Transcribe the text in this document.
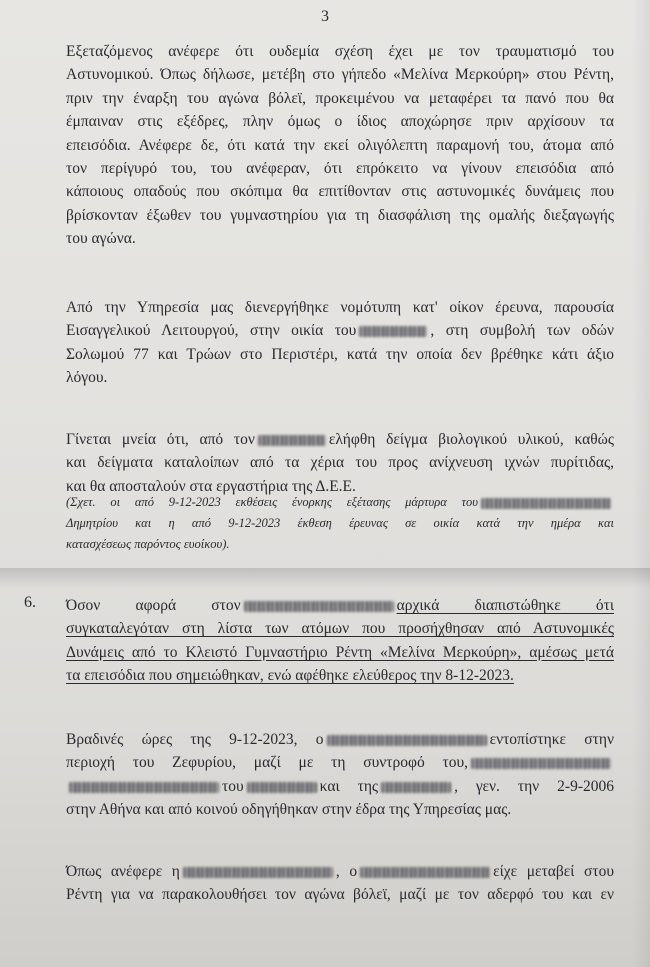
3
Εξεταζόμενος ανέφερε ότι ουδεμία σχέση έχει με τον τραυματισμό του
Αστυνομικού. Όπως δήλωσε, μετέβη στο γήπεδο «Μελίνα Μερκούρη» στου Ρέντη,
πριν την έναρξη του αγώνα βόλεϊ, προκειμένου να μεταφέρει τα πανό που θα
έμπαιναν στις εξέδρες, πλην όμως ο ίδιος αποχώρησε πριν αρχίσουν τα
επεισόδια. Ανέφερε δε, ότι κατά την εκεί ολιγόλεπτη παραμονή του, άτομα από
τον περίγυρό του, του ανέφεραν, ότι επρόκειτο να γίνουν επεισόδια από
κάποιους οπαδούς που σκόπιμα θα επιτίθονταν στις αστυνομικές δυνάμεις που
βρίσκονταν έξωθεν του γυμναστηρίου για τη διασφάλιση της ομαλής διεξαγωγής
του αγώνα.
Από την Υπηρεσία μας διενεργήθηκε νομότυπη κατ' οίκον έρευνα, παρουσία
Εισαγγελικού Λειτουργού, στην οικία του	, στη συμβολή των οδών
Σολωμού 77 και Τρώων στο Περιστέρι, κατά την οποία δεν βρέθηκε κάτι άξιο
λόγου.
Γίνεται μνεία ότι, από τον	ελήφθη δείγμα βιολογικού υλικού, καθώς
και δείγματα καταλοίπων από τα χέρια του προς ανίχνευση ιχνών πυρίτιδας,
και θα αποσταλούν στα εργαστήρια της Δ.Ε.Ε.
(Σχετ. οι από 9-12-2023 εκθέσεις ένορκης εξέτασης μάρτυρα του
Δημητρίου και η από 9-12-2023 έκθεση έρευνας σε οικία κατά την ημέρα και
κατασχέσεως παρόντος ευοίκου).
6. Όσον αφορά στον	αρχικά διαπιστώθηκε ότι
συγκαταλεγόταν στη λίστα των ατόμων που προσήχθησαν από Αστυνομικές
Δυνάμεις από το Κλειστό Γυμναστήριο Ρέντη «Μελίνα Μερκούρη», αμέσως μετά
τα επεισόδια που σημειώθηκαν, ενώ αφέθηκε ελεύθερος την 8-12-2023.
Βραδινές ώρες της 9-12-2023, ο	εντοπίστηκε στην
περιοχή του Ζεφυρίου, μαζί με τη συντροφό του,
του	και της	, γεν. την 2-9-2006
στην Αθήνα και από κοινού οδηγήθηκαν στην έδρα της Υπηρεσίας μας.
Όπως ανέφερε η	, ο	είχε μεταβεί στου
Ρέντη για να παρακολουθήσει τον αγώνα βόλεϊ, μαζί με τον αδερφό του και εν
